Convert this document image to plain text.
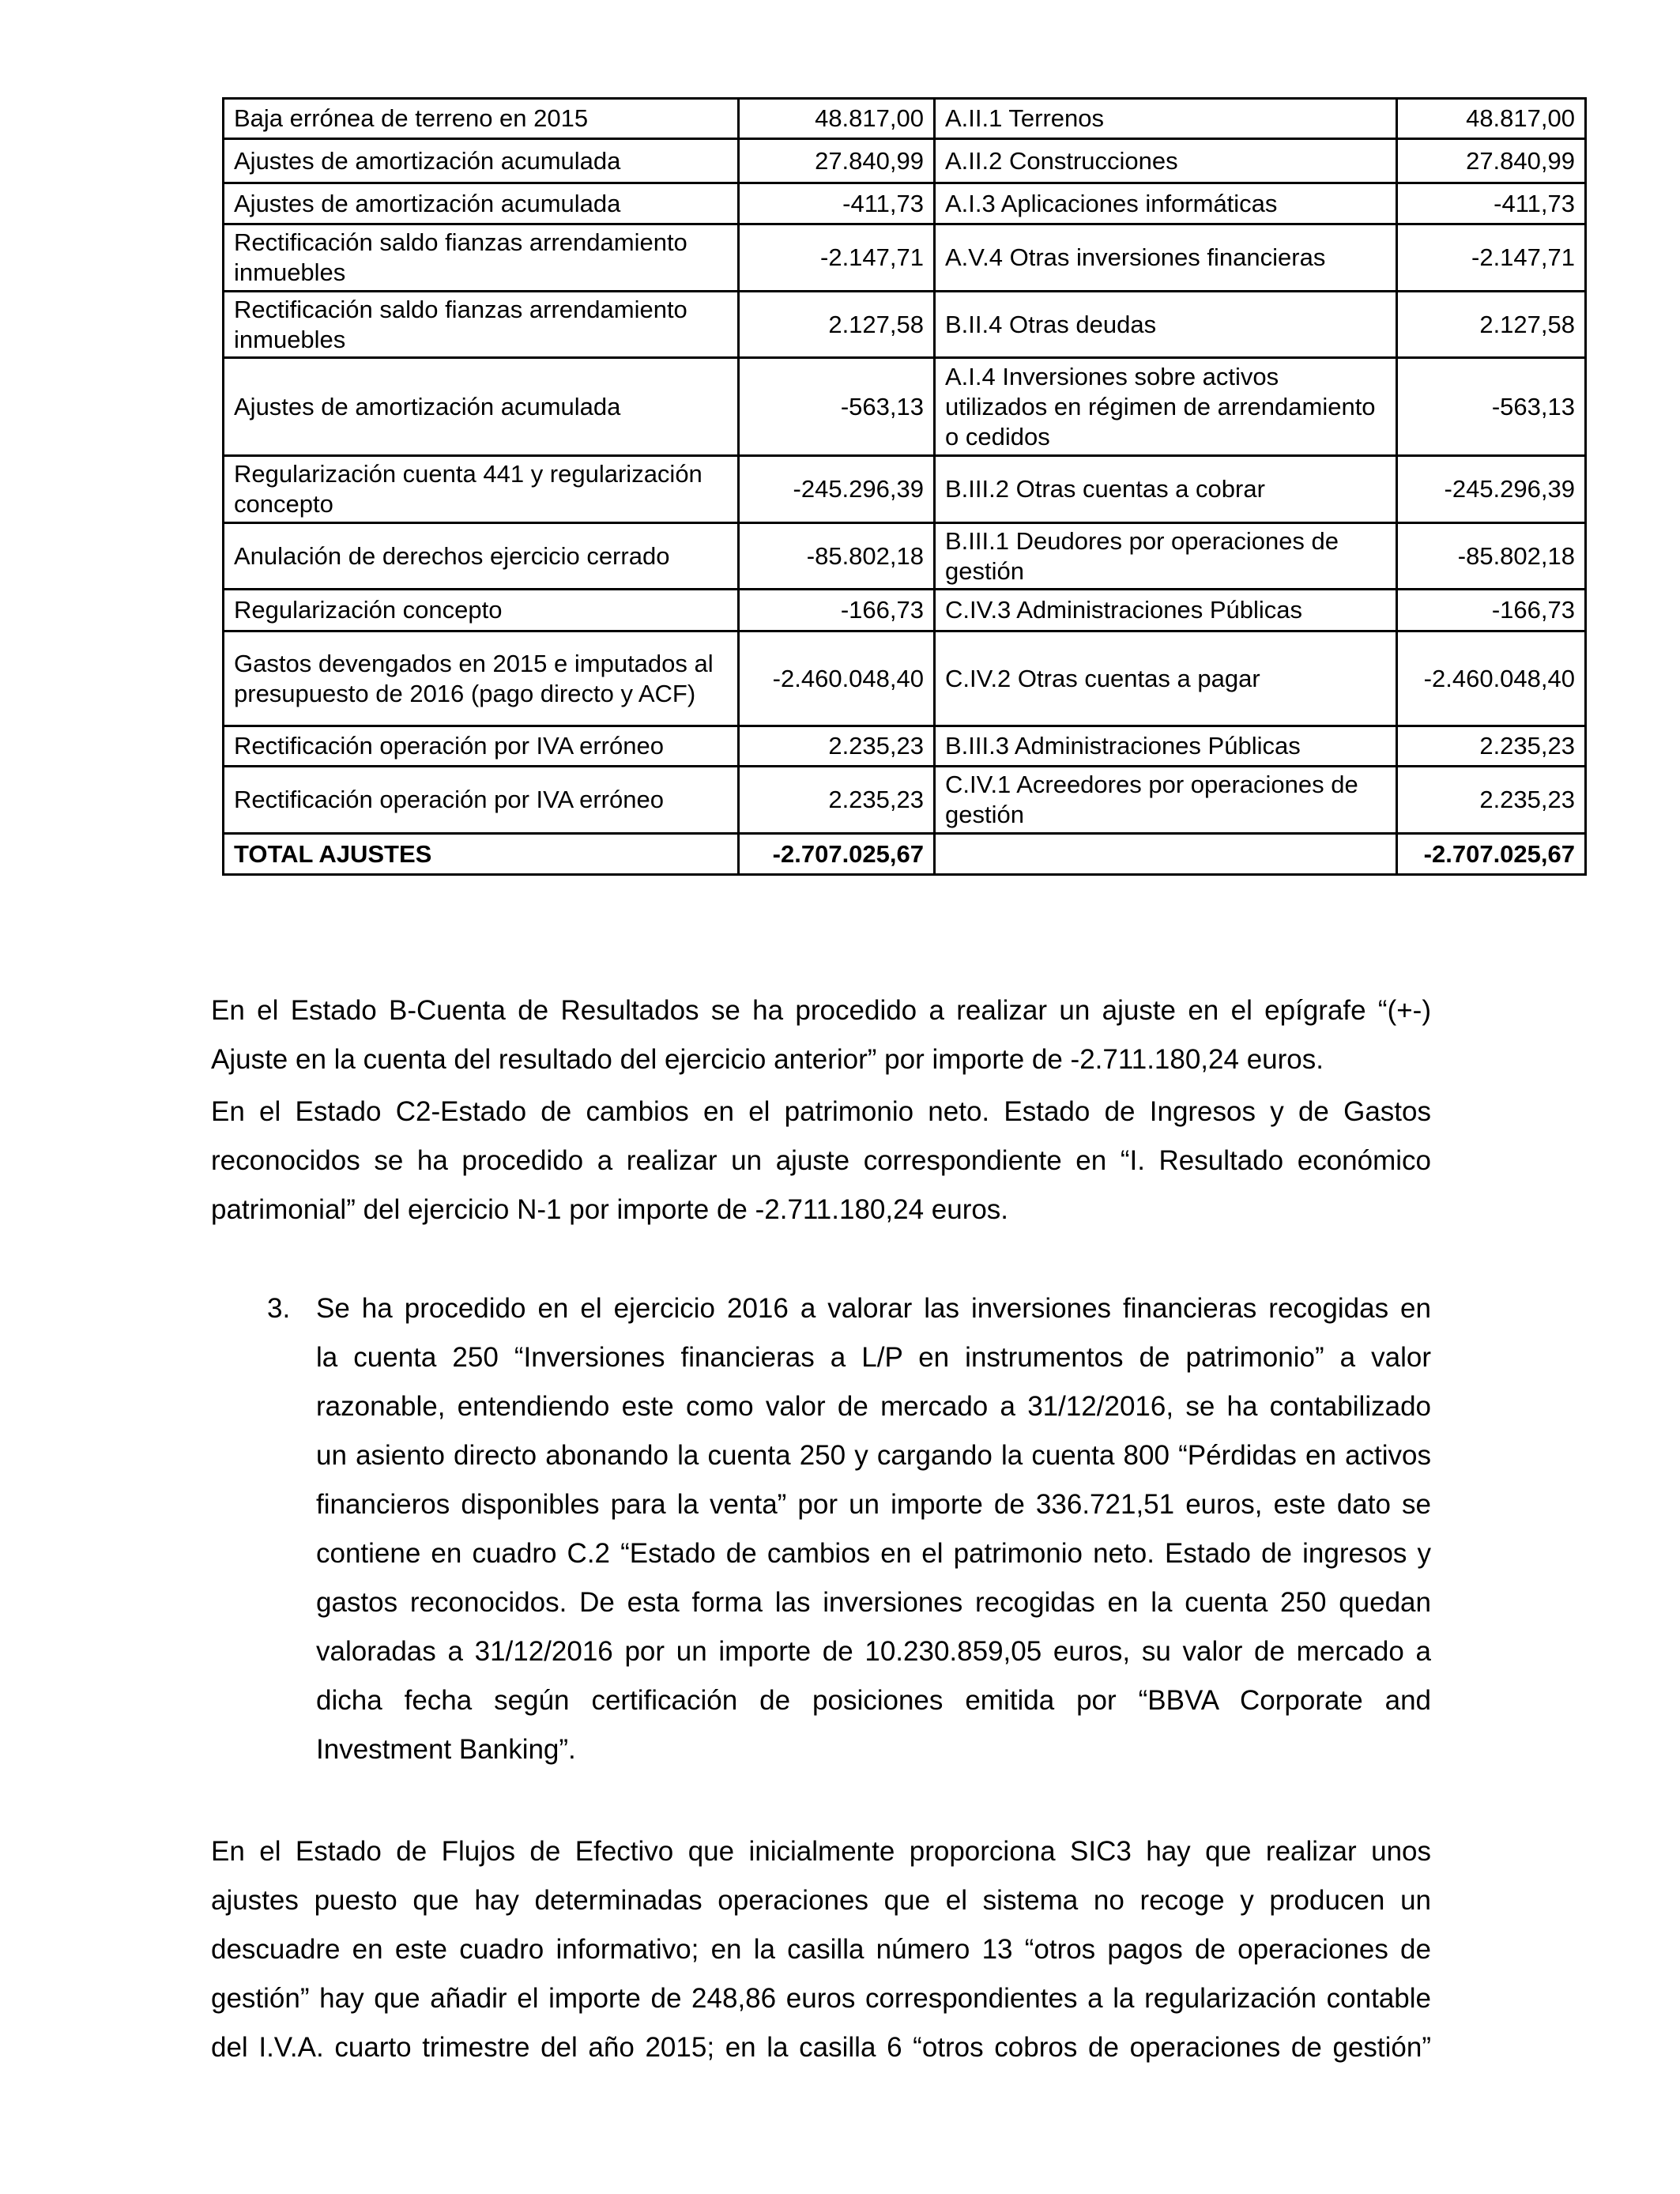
Baja errónea de terreno en 2015	48.817,00	A.II.1 Terrenos	48.817,00
Ajustes de amortización acumulada	27.840,99	A.II.2 Construcciones	27.840,99
Ajustes de amortización acumulada	-411,73	A.I.3 Aplicaciones informáticas	-411,73
Rectificación saldo fianzas arrendamiento inmuebles	-2.147,71	A.V.4 Otras inversiones financieras	-2.147,71
Rectificación saldo fianzas arrendamiento inmuebles	2.127,58	B.II.4 Otras deudas	2.127,58
Ajustes de amortización acumulada	-563,13	A.I.4 Inversiones sobre activos utilizados en régimen de arrendamiento o cedidos	-563,13
Regularización cuenta 441 y regularización concepto	-245.296,39	B.III.2 Otras cuentas a cobrar	-245.296,39
Anulación de derechos ejercicio cerrado	-85.802,18	B.III.1 Deudores por operaciones de gestión	-85.802,18
Regularización concepto	-166,73	C.IV.3 Administraciones Públicas	-166,73
Gastos devengados en 2015 e imputados al presupuesto de 2016 (pago directo y ACF)	-2.460.048,40	C.IV.2 Otras cuentas a pagar	-2.460.048,40
Rectificación operación por IVA erróneo	2.235,23	B.III.3 Administraciones Públicas	2.235,23
Rectificación operación por IVA erróneo	2.235,23	C.IV.1 Acreedores por operaciones de gestión	2.235,23
TOTAL AJUSTES	-2.707.025,67		-2.707.025,67
En el Estado B-Cuenta de Resultados se ha procedido a realizar un ajuste en el epígrafe “(+-)
Ajuste en la cuenta del resultado del ejercicio anterior” por importe de -2.711.180,24 euros.
En el Estado C2-Estado de cambios en el patrimonio neto. Estado de Ingresos y de Gastos
reconocidos se ha procedido a realizar un ajuste correspondiente en “I. Resultado económico
patrimonial” del ejercicio N-1 por importe de -2.711.180,24 euros.
3. Se ha procedido en el ejercicio 2016 a valorar las inversiones financieras recogidas en
la cuenta 250 “Inversiones financieras a L/P en instrumentos de patrimonio” a valor
razonable, entendiendo este como valor de mercado a 31/12/2016, se ha contabilizado
un asiento directo abonando la cuenta 250 y cargando la cuenta 800 “Pérdidas en activos
financieros disponibles para la venta” por un importe de 336.721,51 euros, este dato se
contiene en cuadro C.2 “Estado de cambios en el patrimonio neto. Estado de ingresos y
gastos reconocidos. De esta forma las inversiones recogidas en la cuenta 250 quedan
valoradas a 31/12/2016 por un importe de 10.230.859,05 euros, su valor de mercado a
dicha fecha según certificación de posiciones emitida por “BBVA Corporate and
Investment Banking”.
En el Estado de Flujos de Efectivo que inicialmente proporciona SIC3 hay que realizar unos
ajustes puesto que hay determinadas operaciones que el sistema no recoge y producen un
descuadre en este cuadro informativo; en la casilla número 13 “otros pagos de operaciones de
gestión” hay que añadir el importe de 248,86 euros correspondientes a la regularización contable
del I.V.A. cuarto trimestre del año 2015; en la casilla 6 “otros cobros de operaciones de gestión”
